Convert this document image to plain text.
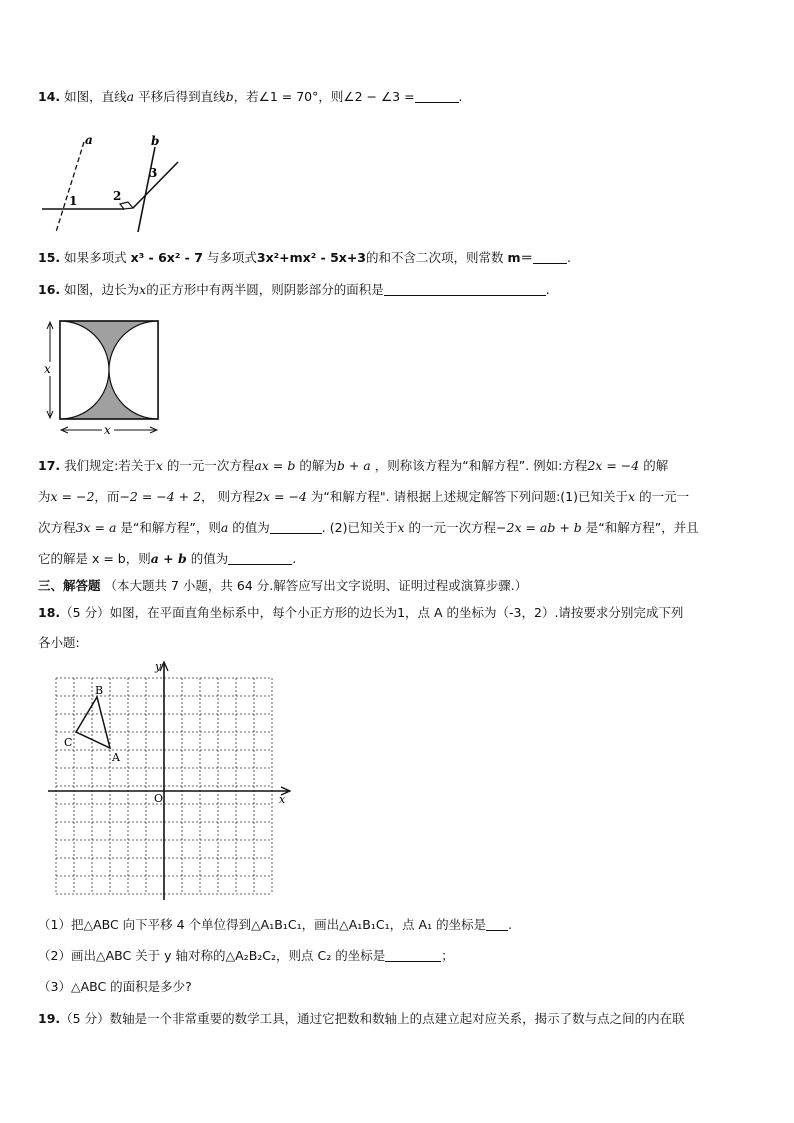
14. 如图，直线a 平移后得到直线b，若∠1 = 70°，则∠2 − ∠3 =	.
a	b
1	2
3
15. 如果多项式 x³ - 6x² - 7 与多项式3x²+mx² - 5x+3的和不含二次项，则常数 m＝	.
16. 如图，边长为x的正方形中有两半圆，则阴影部分的面积是	.
x
x
17. 我们规定:若关于x 的一元一次方程ax = b 的解为b + a ，则称该方程为“和解方程”. 例如:方程2x = −4 的解
为x = −2，而−2 = −4 + 2， 则方程2x = −4 为“和解方程". 请根据上述规定解答下列问题:(1)已知关于x 的一元一
次方程3x = a 是“和解方程”，则a 的值为	. (2)已知关于x 的一元一次方程−2x = ab + b 是“和解方程”，并且
它的解是 x = b，则a + b 的值为	.
三、解答题 （本大题共 7 小题，共 64 分.解答应写出文字说明、证明过程或演算步骤.）
18.（5 分）如图，在平面直角坐标系中，每个小正方形的边长为1，点 A 的坐标为（-3，2）.请按要求分别完成下列
各小题:
y
x
O
B
C
A
（1）把△ABC 向下平移 4 个单位得到△A₁B₁C₁，画出△A₁B₁C₁，点 A₁ 的坐标是 .
（2）画出△ABC 关于 y 轴对称的△A₂B₂C₂，则点 C₂ 的坐标是	；
（3）△ABC 的面积是多少?
19.（5 分）数轴是一个非常重要的数学工具，通过它把数和数轴上的点建立起对应关系，揭示了数与点之间的内在联
